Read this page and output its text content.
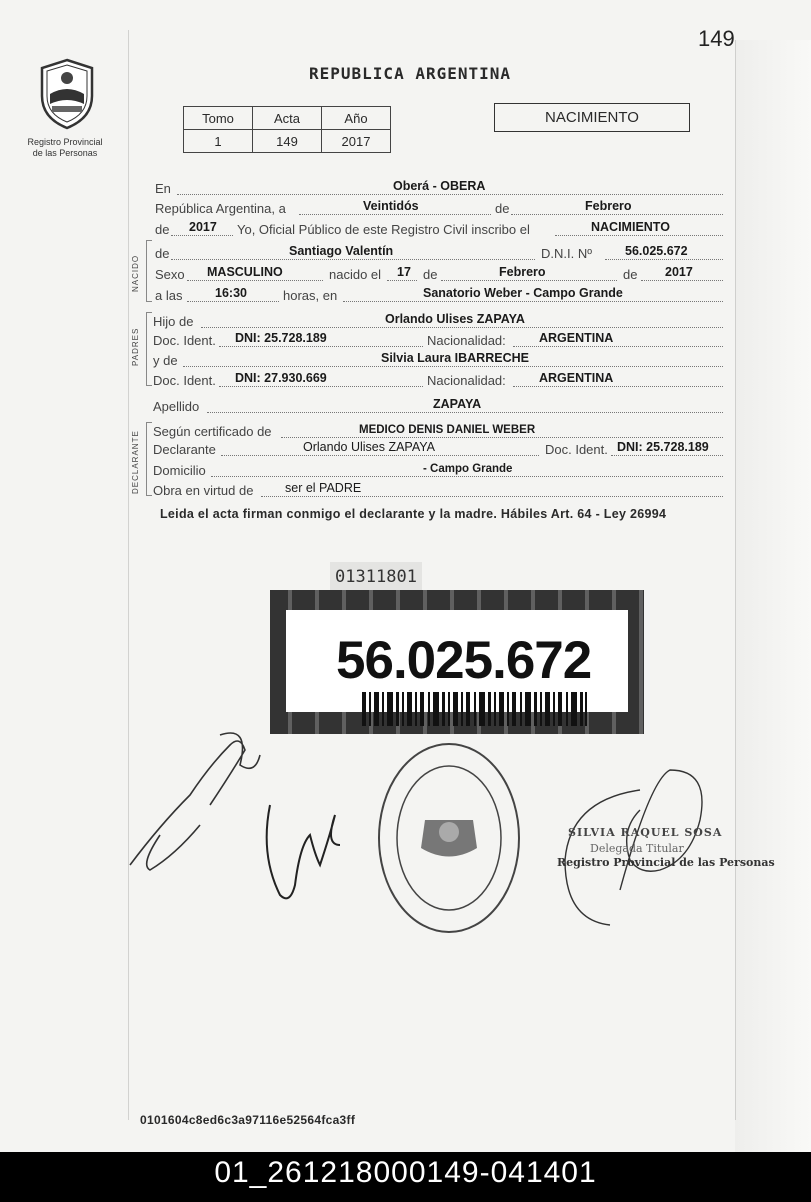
149
REPUBLICA ARGENTINA
Registro Provincial
de las Personas
Tomo	Acta	Año
1	149	2017
NACIMIENTO
NACIDO
PADRES
DECLARANTE
En	Oberá - OBERA
República Argentina, a	Veintidós	de	Febrero
de 2017 Yo, Oficial Público de este Registro Civil inscribo el	NACIMIENTO
de	Santiago Valentín	D.N.I. Nº	56.025.672
Sexo MASCULINO	nacido el 17 de	Febrero	de 2017
a las	16:30	horas, en	Sanatorio Weber - Campo Grande
Hijo de	Orlando Ulises ZAPAYA
Doc. Ident. DNI: 25.728.189	Nacionalidad:	ARGENTINA
y de	Silvia Laura IBARRECHE
Doc. Ident. DNI: 27.930.669	Nacionalidad:	ARGENTINA
Apellido	ZAPAYA
Según certificado de	MEDICO DENIS DANIEL WEBER
Declarante	Orlando Ulises ZAPAYA	Doc. Ident. DNI: 25.728.189
Domicilio	- Campo Grande
Obra en virtud de	ser el PADRE
Leida el acta firman conmigo el declarante y la madre. Hábiles Art. 64 - Ley 26994
01311801
56.025.672
SILVIA RAQUEL SOSA
Delegada Titular
Registro Provincial de las Personas
0101604c8ed6c3a97116e52564fca3ff
01_261218000149-041401
